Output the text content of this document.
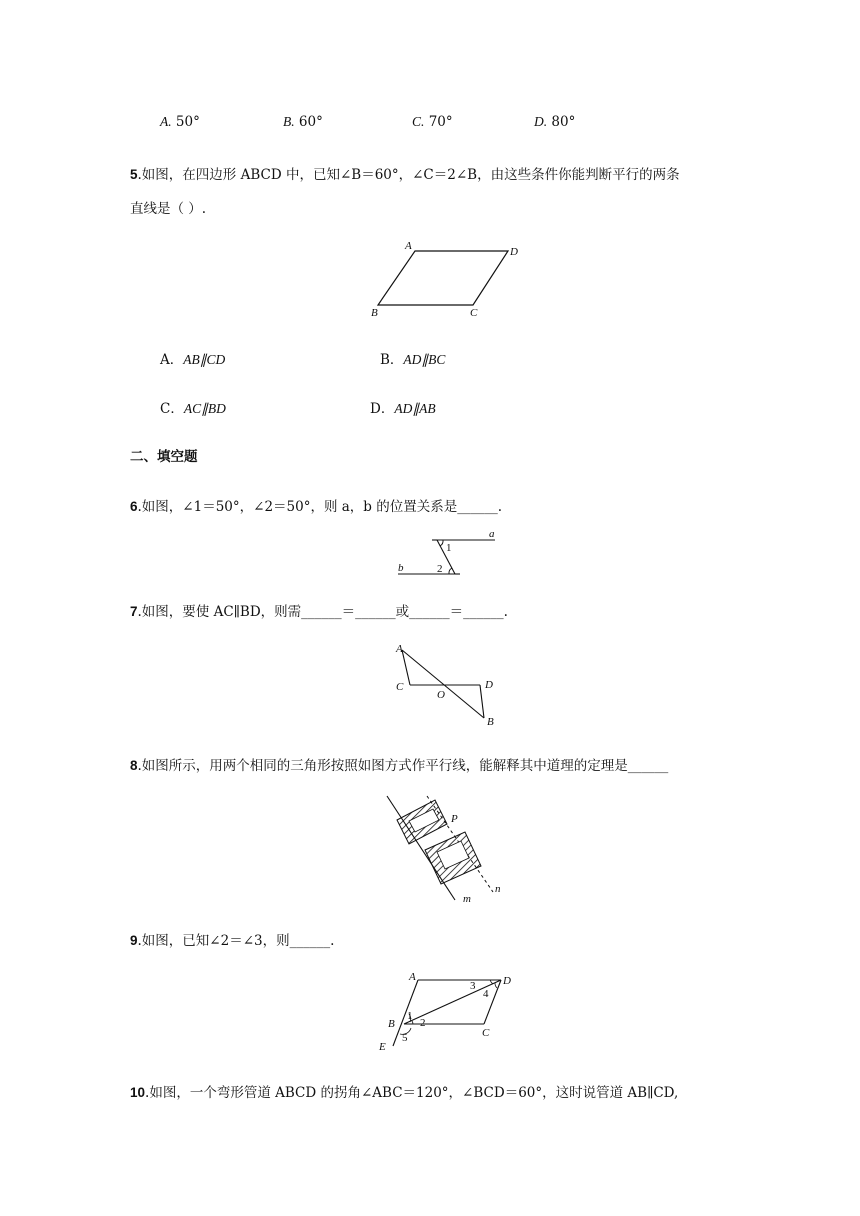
A. 50°	B. 60°	C. 70°	D. 80°
5.如图，在四边形 ABCD 中，已知∠B＝60°，∠C＝2∠B，由这些条件你能判断平行的两条
直线是（ ）.
A	D
B	C
A．AB∥CD	B．AD∥BC
C．AC∥BD	D．AD∥AB
二、填空题
6.如图，∠1＝50°，∠2＝50°，则 a，b 的位置关系是______.
a
b
1
2
7.如图，要使 AC∥BD，则需______＝______或______＝______.
A
C
O
D
B
8.如图所示，用两个相同的三角形按照如图方式作平行线，能解释其中道理的定理是______
P
m
n
9.如图，已知∠2＝∠3，则______.
A	D
B
C
E
1
2
3
4
5
10.如图，一个弯形管道 ABCD 的拐角∠ABC＝120°，∠BCD＝60°，这时说管道 AB∥CD,
